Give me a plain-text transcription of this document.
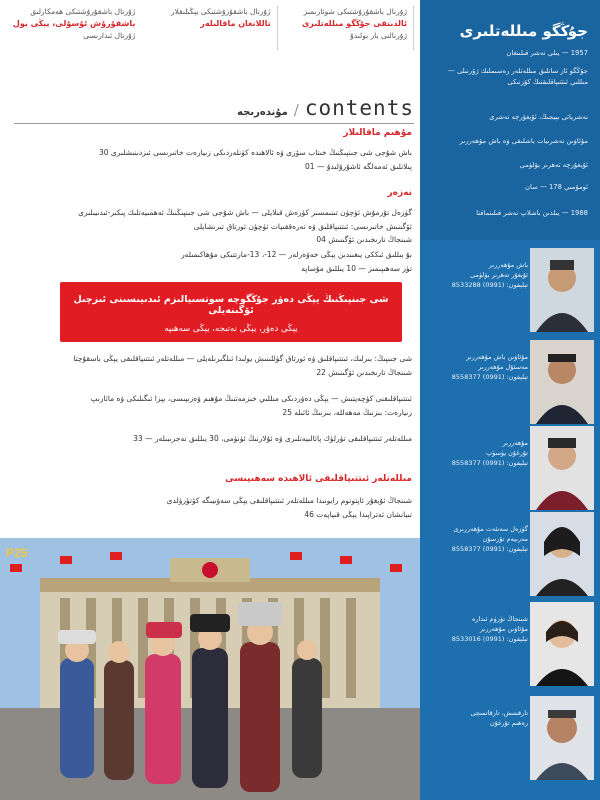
ژۇرنال باشقۇرۇشتىكى ھەمكارلىق
باشقۇرۇش ئۇسۇلى، يېڭى يول
ژۇرنال ئىدارىسى
ژۇرنال باشقۇرۇشتىكى يېڭىلىقلار
تاللانغان ماقالىلەر
ژۇرنال باشقۇرۇشتىكى شوئارىمىز
ئالدىنقى جۇڭگو مىللەتلىرى
ژۇرنالنى يار بولىدۇ
مۇندەرىجە / contents
مۇھىم ماقالىلار
باش شۇجى شى جىنپىڭنىڭ خىتاب سۆزى ۋە ئالاھىدە كۈنلەردىكى زىيارەت خاتىرىسى ئىزدىنىشلىرى 30
پىلانلىق ئەمەلگە ئاشۇرۇلىدۇ — 01
نەزەر
گۈزەل تۇرمۇش ئۈچۈن تىنىمسىز كۈرەش قىلايلى — باش شۇجى شى جىنپىڭنىڭ ئەھمىيەتلىك پىكىر-ئىدىيىلىرى
ئۆگىنىش خاتىرىسى: ئىتتىپاقلىق ۋە تەرەققىيات ئۈچۈن ئورتاق تىرىشايلى
شىنجاڭ تارىخىدىن ئۆگىنىش 04
بۇ يىللىق ئىككى يىغىندىن يېڭى خەۋەرلەر — 12-، 13-مارتتىكى مۇھاكىمىلەر
تۈز سەھىپىمىز — 10 يىللىق مۇساپە
شى جىنپىڭنىڭ يېڭى دەۋر جۇڭگوچە سوتسىيالىزم ئىدىيىسىنى ئىزچىل ئۆگىنەيلى
يېڭى دەۋر، يېڭى نەتىجە، يېڭى سەھىپە
شى جىنپىڭ: بىرلىك، ئىتتىپاقلىق ۋە ئورتاق گۈللىنىش يولىدا ئىلگىرىلەيلى — مىللەتلەر ئىتتىپاقلىقى يېڭى باسقۇچتا
شىنجاڭ تارىخىدىن ئۆگىنىش 22
ئىتتىپاقلىقنى كۈچەيتىش — يېڭى دەۋردىكى مىللىي خىزمەتنىڭ مۇھىم ۋەزىپىسى، يېزا ئىگىلىكى ۋە مائارىپ
زىيارەت: بىزنىڭ مەھەللە، بىزنىڭ ئائىلە 25
مىللەتلەر ئىتتىپاقلىقى تۈرلۈك پائالىيەتلىرى ۋە ئۇلارنىڭ ئۈنۈمى، 30 يىللىق تەجرىبىلەر — 33
مىللەتلەر ئىتتىپاقلىقى ئالاھىدە سەھىپىسى
شىنجاڭ ئۇيغۇر ئاپتونوم رايونىدا مىللەتلەر ئىتتىپاقلىقى يېڭى سەۋىيىگە كۆتۈرۈلدى
تىيانشان ئەتراپىدا يېڭى قىياپەت 46
P25
جۇڭگو مىللەتلىرى
1957 — يىلى نەشر قىلىنغان
جۇڭگو ئاز سانلىق مىللەتلەر رەسىملىك ژۇرنىلى — مىللىي ئىتتىپاقلىقنىڭ كۆزنىكى
نەشرياتى بېيجىڭ، ئۇيغۇرچە نەشرى
مۇئاۋىن نەشرىيات باشلىقى ۋە باش مۇھەررىر
ئۇيغۇرچە تەھرىر بۆلۈمى
ئومۇمىي 178 — سان
1988 — يىلدىن باشلاپ نەشر قىلىنماقتا
باش مۇھەررىر
ئۇيغۇر تەھرىر بۆلۈمى
تېلېفون: (0991) 8533288
مۇئاۋىن باش مۇھەررىر
مەسئۇل مۇھەررىر
تېلېفون: (0991) 8558377
مۇھەررىر
تۇرغۇن يۈسۈپ
تېلېفون: (0991) 8558377
گۈزەل سەنئەت مۇھەررىرى
مەرىيەم تۇرسۇن
تېلېفون: (0991) 8558377
شىنجاڭ تۈزۈم ئىدارە
مۇئاۋىن مۇھەررىر
تېلېفون: (0991) 8533016
تارقىتىش، تارقاتمىچى
رەھىم تۇرغۇن
